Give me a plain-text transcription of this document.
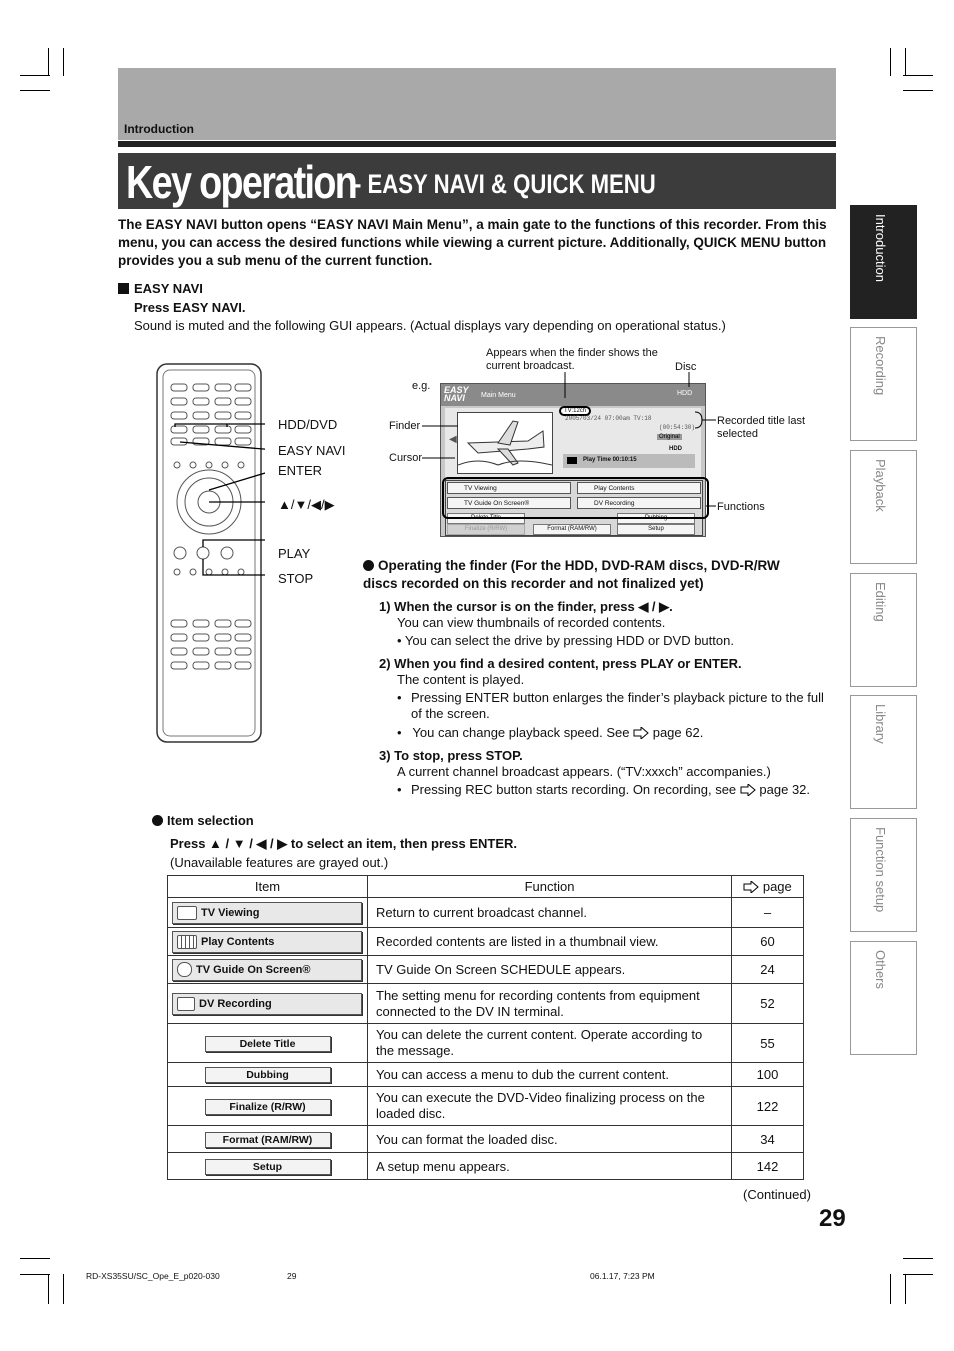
Introduction
Key operation
- EASY NAVI & QUICK MENU
Introduction
Recording
Playback
Editing
Library
Function setup
Others
The EASY NAVI button opens “EASY NAVI Main Menu”, a main gate to the functions of this recorder. From this menu, you can access the desired functions while viewing a current picture. Additionally, QUICK MENU button provides you a sub menu of the current function.
EASY NAVI
Press EASY NAVI.
Sound is muted and the following GUI appears. (Actual displays vary depending on operational status.)
HDD/DVD
EASY NAVI
ENTER
▲/▼/◀/▶
PLAY
STOP
Appears when the finder shows the current broadcast.	Disc
e.g.
Finder
Cursor
Recorded title last selected
Functions
EASY
NAVI	Main Menu	HDD
◀
TV:12ch
2005/03/24 07:00am TV:18
(00:54:30)
Original
HDD
Play Time 00:10:15
TV Viewing	Play Contents
TV Guide On Screen®	DV Recording
Delete Title	Dubbing
Finalize (R/RW)	Format (RAM/RW)	Setup
Operating the finder (For the HDD, DVD-RAM discs, DVD-R/RW discs recorded on this recorder and not finalized yet)
1) When the cursor is on the finder, press ◀ / ▶.
You can view thumbnails of recorded contents.
• You can select the drive by pressing HDD or DVD button.
2) When you find a desired content, press PLAY or ENTER.
The content is played.
• Pressing ENTER button enlarges the finder’s playback picture to the full of the screen.
•   You can change playback speed. See page 62.
3) To stop, press STOP.
A current channel broadcast appears. (“TV:xxxch” accompanies.)
• Pressing REC button starts recording. On recording, see page 32.
Item selection
Press ▲ / ▼ / ◀ / ▶ to select an item, then press ENTER.
(Unavailable features are grayed out.)
Item	Function	page
TV Viewing	Return to current broadcast channel.	–
Play Contents	Recorded contents are listed in a thumbnail view.	60
TV Guide On Screen®	TV Guide On Screen SCHEDULE appears.	24
DV Recording	The setting menu for recording contents from equipment connected to the DV IN terminal.	52
Delete Title	You can delete the current content. Operate according to the message.	55
Dubbing	You can access a menu to dub the current content.	100
Finalize (R/RW)	You can execute the DVD-Video finalizing process on the loaded disc.	122
Format (RAM/RW)	You can format the loaded disc.	34
Setup	A setup menu appears.	142
(Continued)
29
RD-XS35SU/SC_Ope_E_p020-030	29	06.1.17, 7:23 PM
